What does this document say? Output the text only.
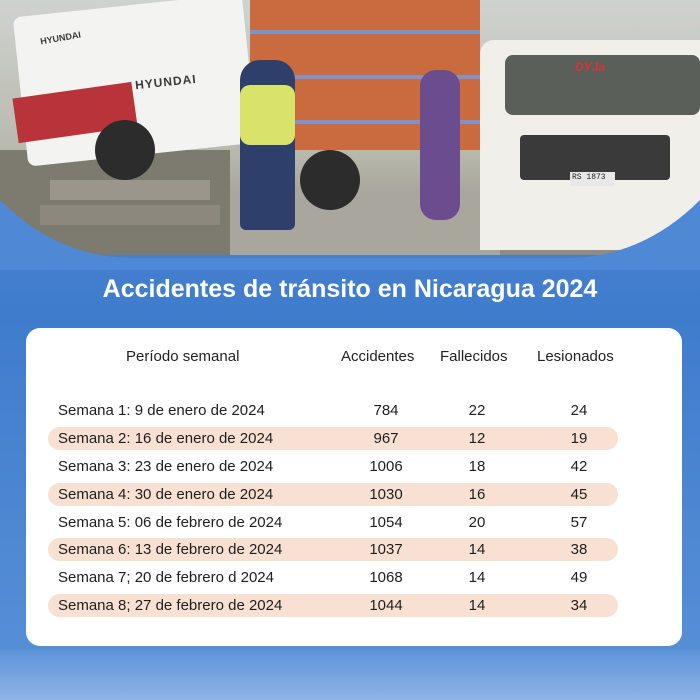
HYUNDAI
HYUNDAI
DYJa
RS 1873
Accidentes de tránsito en Nicaragua 2024
Período semanal	Accidentes Fallecidos Lesionados
Semana 1: 9 de enero de 2024	784	22	24
Semana 2: 16 de enero de 2024	967	12	19
Semana 3: 23 de enero de 2024	1006	18	42
Semana 4: 30 de enero de 2024	1030	16	45
Semana 5: 06 de febrero de 2024	1054	20	57
Semana 6: 13 de febrero de 2024	1037	14	38
Semana 7; 20 de febrero d 2024	1068	14	49
Semana 8; 27 de febrero de 2024	1044	14	34
